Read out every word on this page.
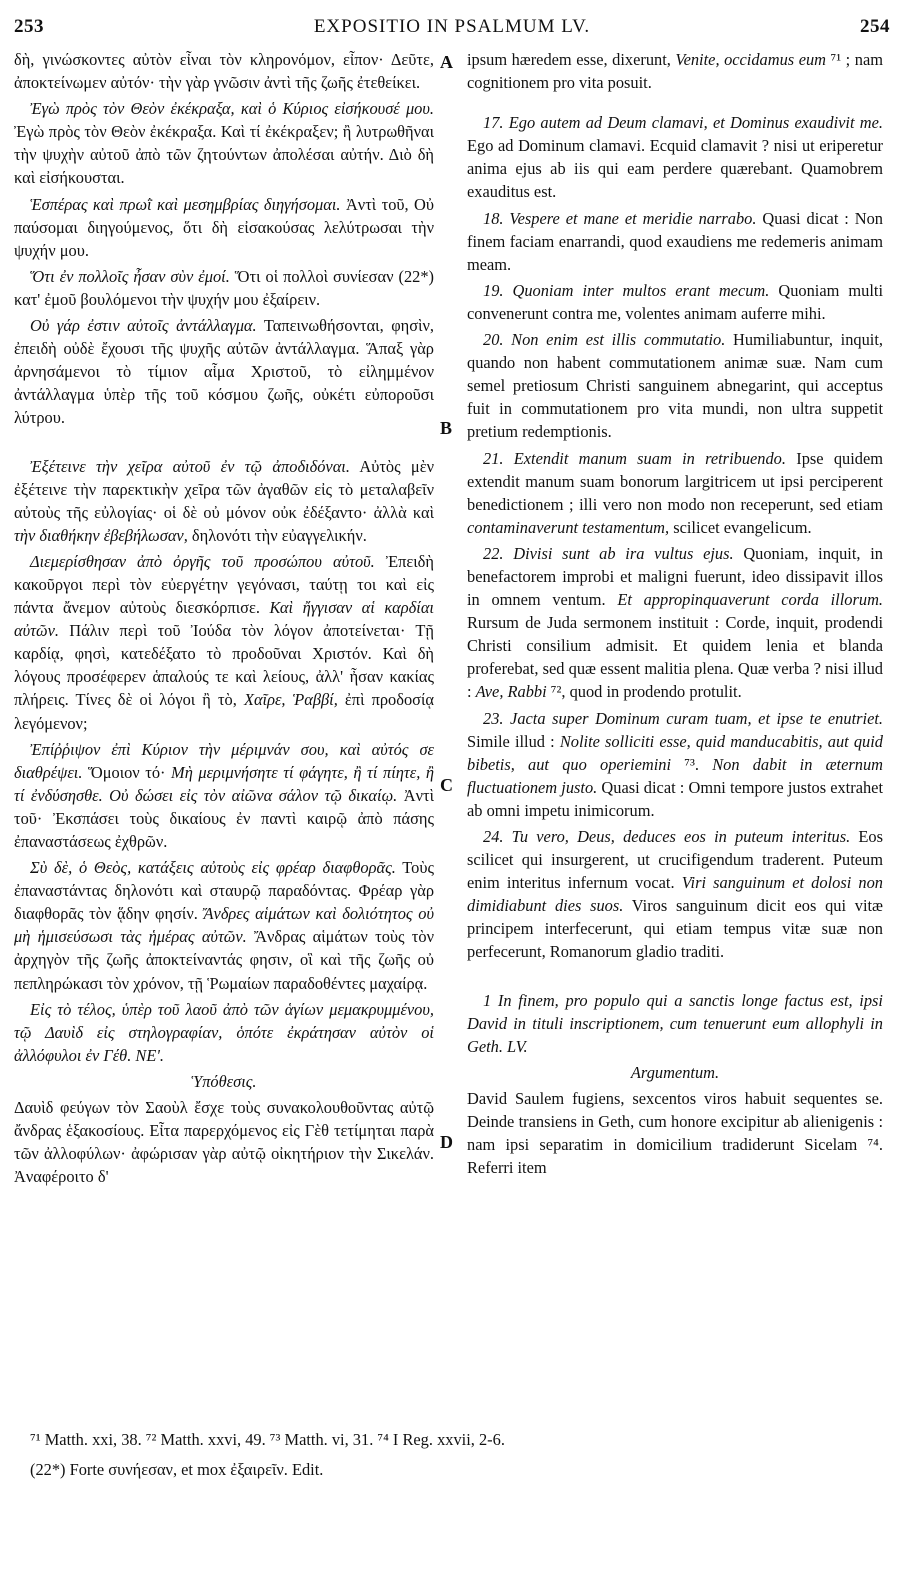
253	EXPOSITIO IN PSALMUM LV.	254

δὴ, γινώσκοντες αὐτὸν εἶναι τὸν κληρονόμον, εἶπον· Δεῦτε, ἀποκτείνωμεν αὐτόν· τὴν γὰρ γνῶσιν ἀντὶ τῆς ζωῆς ἐτεθείκει.

Ἐγὼ πρὸς τὸν Θεὸν ἐκέκραξα, καὶ ὁ Κύριος εἰσήκουσέ μου. Ἐγὼ πρὸς τὸν Θεὸν ἐκέκραξα. Καὶ τί ἐκέκραξεν; ἢ λυτρωθῆναι τὴν ψυχὴν αὐτοῦ ἀπὸ τῶν ζητούντων ἀπολέσαι αὐτήν. Διὸ δὴ καὶ εἰσήκουσται.

Ἑσπέρας καὶ πρωῒ καὶ μεσημβρίας διηγήσομαι. Ἀντὶ τοῦ, Οὐ παύσομαι διηγούμενος, ὅτι δὴ εἰσακούσας λελύτρωσαι τὴν ψυχήν μου.

Ὅτι ἐν πολλοῖς ἦσαν σὺν ἐμοί. Ὅτι οἱ πολλοὶ συνίεσαν (22*) κατ' ἐμοῦ βουλόμενοι τὴν ψυχήν μου ἐξαίρειν.

Οὐ γάρ ἐστιν αὐτοῖς ἀντάλλαγμα. Ταπεινωθήσονται, φησὶν, ἐπειδὴ οὐδὲ ἔχουσι τῆς ψυχῆς αὐτῶν ἀντάλλαγμα. Ἅπαξ γὰρ ἀρνησάμενοι τὸ τίμιον αἷμα Χριστοῦ, τὸ εἰλημμένον ἀντάλλαγμα ὑπὲρ τῆς τοῦ κόσμου ζωῆς, οὐκέτι εὐποροῦσι λύτρου.

Ἐξέτεινε τὴν χεῖρα αὐτοῦ ἐν τῷ ἀποδιδόναι. Αὐτὸς μὲν ἐξέτεινε τὴν παρεκτικὴν χεῖρα τῶν ἀγαθῶν εἰς τὸ μεταλαβεῖν αὐτοὺς τῆς εὐλογίας· οἱ δὲ οὐ μόνον οὐκ ἐδέξαντο· ἀλλὰ καὶ τὴν διαθήκην ἐβεβήλωσαν, δηλονότι τὴν εὐαγγελικήν.

Διεμερίσθησαν ἀπὸ ὀργῆς τοῦ προσώπου αὐτοῦ. Ἐπειδὴ κακοῦργοι περὶ τὸν εὐεργέτην γεγόνασι, ταύτῃ τοι καὶ εἰς πάντα ἄνεμον αὐτοὺς διεσκόρπισε. Καὶ ἤγγισαν αἱ καρδίαι αὐτῶν. Πάλιν περὶ τοῦ Ἰούδα τὸν λόγον ἀποτείνεται· Τῇ καρδίᾳ, φησὶ, κατεδέξατο τὸ προδοῦναι Χριστόν. Καὶ δὴ λόγους προσέφερεν ἁπαλούς τε καὶ λείους, ἀλλ' ἦσαν κακίας πλήρεις. Τίνες δὲ οἱ λόγοι ἢ τὸ, Χαῖρε, Ῥαββί, ἐπὶ προδοσίᾳ λεγόμενον;

Ἐπίῤῥιψον ἐπὶ Κύριον τὴν μέριμνάν σου, καὶ αὐτός σε διαθρέψει. Ὅμοιον τό· Μὴ μεριμνήσητε τί φάγητε, ἢ τί πίητε, ἢ τί ἐνδύσησθε. Οὐ δώσει εἰς τὸν αἰῶνα σάλον τῷ δικαίῳ. Ἀντὶ τοῦ· Ἐκσπάσει τοὺς δικαίους ἐν παντὶ καιρῷ ἀπὸ πάσης ἐπαναστάσεως ἐχθρῶν.

Σὺ δὲ, ὁ Θεὸς, κατάξεις αὐτοὺς εἰς φρέαρ διαφθορᾶς. Τοὺς ἐπαναστάντας δηλονότι καὶ σταυρῷ παραδόντας. Φρέαρ γὰρ διαφθορᾶς τὸν ᾅδην φησίν. Ἄνδρες αἱμάτων καὶ δολιότητος οὐ μὴ ἡμισεύσωσι τὰς ἡμέρας αὐτῶν. Ἄνδρας αἱμάτων τοὺς τὸν ἀρχηγὸν τῆς ζωῆς ἀποκτείναντάς φησιν, οἳ καὶ τῆς ζωῆς οὐ πεπληρώκασι τὸν χρόνον, τῇ Ῥωμαίων παραδοθέντες μαχαίρᾳ.

Εἰς τὸ τέλος, ὑπὲρ τοῦ λαοῦ ἀπὸ τῶν ἁγίων μεμακρυμμένου, τῷ Δαυὶδ εἰς στηλογραφίαν, ὁπότε ἐκράτησαν αὐτὸν οἱ ἀλλόφυλοι ἐν Γέθ. ΝΕ'.

Ὑπόθεσις.

Δαυὶδ φεύγων τὸν Σαοὺλ ἔσχε τοὺς συνακολουθοῦντας αὐτῷ ἄνδρας ἑξακοσίους. Εἶτα παρερχόμενος εἰς Γὲθ τετίμηται παρὰ τῶν ἀλλοφύλων· ἀφώρισαν γὰρ αὐτῷ οἰκητήριον τὴν Σικελάν. Ἀναφέροιτο δ'

A
B
C
D

ipsum hæredem esse, dixerunt, Venite, occidamus eum ⁷¹ ; nam cognitionem pro vita posuit.

17. Ego autem ad Deum clamavi, et Dominus exaudivit me. Ego ad Dominum clamavi. Ecquid clamavit ? nisi ut eriperetur anima ejus ab iis qui eam perdere quærebant. Quamobrem exauditus est.

18. Vespere et mane et meridie narrabo. Quasi dicat : Non finem faciam enarrandi, quod exaudiens me redemeris animam meam.

19. Quoniam inter multos erant mecum. Quoniam multi convenerunt contra me, volentes animam auferre mihi.

20. Non enim est illis commutatio. Humiliabuntur, inquit, quando non habent commutationem animæ suæ. Nam cum semel pretiosum Christi sanguinem abnegarint, qui acceptus fuit in commutationem pro vita mundi, non ultra suppetit pretium redemptionis.

21. Extendit manum suam in retribuendo. Ipse quidem extendit manum suam bonorum largitricem ut ipsi perciperent benedictionem ; illi vero non modo non receperunt, sed etiam contaminaverunt testamentum, scilicet evangelicum.

22. Divisi sunt ab ira vultus ejus. Quoniam, inquit, in benefactorem improbi et maligni fuerunt, ideo dissipavit illos in omnem ventum. Et appropinquaverunt corda illorum. Rursum de Juda sermonem instituit : Corde, inquit, prodendi Christi consilium admisit. Et quidem lenia et blanda proferebat, sed quæ essent malitia plena. Quæ verba ? nisi illud : Ave, Rabbi ⁷², quod in prodendo protulit.

23. Jacta super Dominum curam tuam, et ipse te enutriet. Simile illud : Nolite solliciti esse, quid manducabitis, aut quid bibetis, aut quo operiemini ⁷³. Non dabit in æternum fluctuationem justo. Quasi dicat : Omni tempore justos extrahet ab omni impetu inimicorum.

24. Tu vero, Deus, deduces eos in puteum interitus. Eos scilicet qui insurgerent, ut crucifigendum traderent. Puteum enim interitus infernum vocat. Viri sanguinum et dolosi non dimidiabunt dies suos. Viros sanguinum dicit eos qui vitæ principem interfecerunt, qui etiam tempus vitæ suæ non perfecerunt, Romanorum gladio traditi.

1 In finem, pro populo qui a sanctis longe factus est, ipsi David in tituli inscriptionem, cum tenuerunt eum allophyli in Geth. LV.

Argumentum.

David Saulem fugiens, sexcentos viros habuit sequentes se. Deinde transiens in Geth, cum honore excipitur ab alienigenis : nam ipsi separatim in domicilium tradiderunt Sicelam ⁷⁴. Referri item

⁷¹ Matth. xxi, 38. ⁷² Matth. xxvi, 49. ⁷³ Matth. vi, 31. ⁷⁴ I Reg. xxvii, 2-6.
(22*) Forte συνήεσαν, et mox ἐξαιρεῖν. Edit.
